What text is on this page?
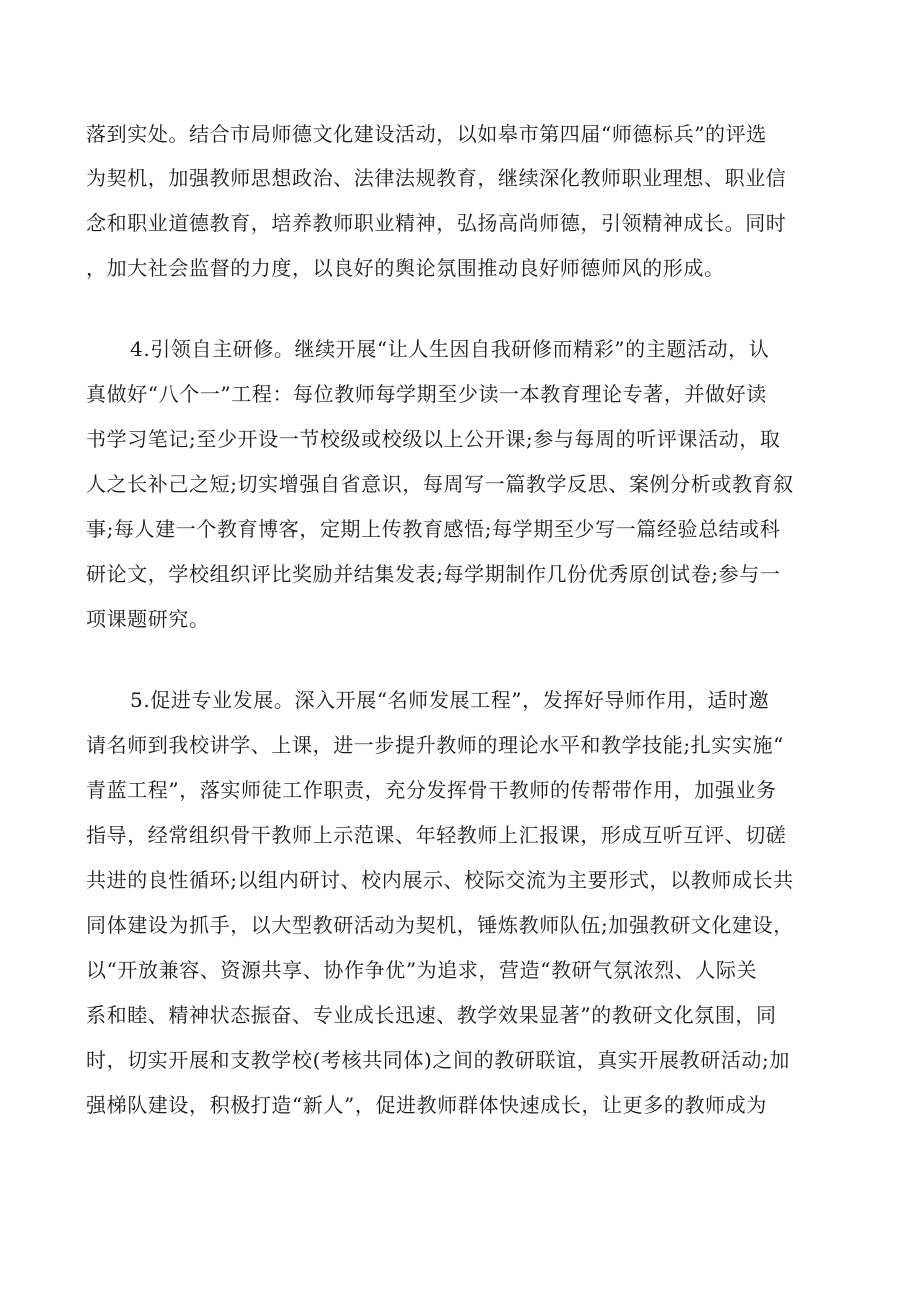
落到实处。结合市局师德文化建设活动，以如皋市第四届“师德标兵”的评选
为契机，加强教师思想政治、法律法规教育，继续深化教师职业理想、职业信
念和职业道德教育，培养教师职业精神，弘扬高尚师德，引领精神成长。同时
，加大社会监督的力度，以良好的舆论氛围推动良好师德师风的形成。
4.引领自主研修。继续开展“让人生因自我研修而精彩”的主题活动，认
真做好“八个一”工程：每位教师每学期至少读一本教育理论专著，并做好读
书学习笔记;至少开设一节校级或校级以上公开课;参与每周的听评课活动，取
人之长补己之短;切实增强自省意识，每周写一篇教学反思、案例分析或教育叙
事;每人建一个教育博客，定期上传教育感悟;每学期至少写一篇经验总结或科
研论文，学校组织评比奖励并结集发表;每学期制作几份优秀原创试卷;参与一
项课题研究。
5.促进专业发展。深入开展“名师发展工程”，发挥好导师作用，适时邀
请名师到我校讲学、上课，进一步提升教师的理论水平和教学技能;扎实实施“
青蓝工程”，落实师徒工作职责，充分发挥骨干教师的传帮带作用，加强业务
指导，经常组织骨干教师上示范课、年轻教师上汇报课，形成互听互评、切磋
共进的良性循环;以组内研讨、校内展示、校际交流为主要形式，以教师成长共
同体建设为抓手，以大型教研活动为契机，锤炼教师队伍;加强教研文化建设，
以“开放兼容、资源共享、协作争优”为追求，营造“教研气氛浓烈、人际关
系和睦、精神状态振奋、专业成长迅速、教学效果显著”的教研文化氛围，同
时，切实开展和支教学校(考核共同体)之间的教研联谊，真实开展教研活动;加
强梯队建设，积极打造“新人”，促进教师群体快速成长，让更多的教师成为
